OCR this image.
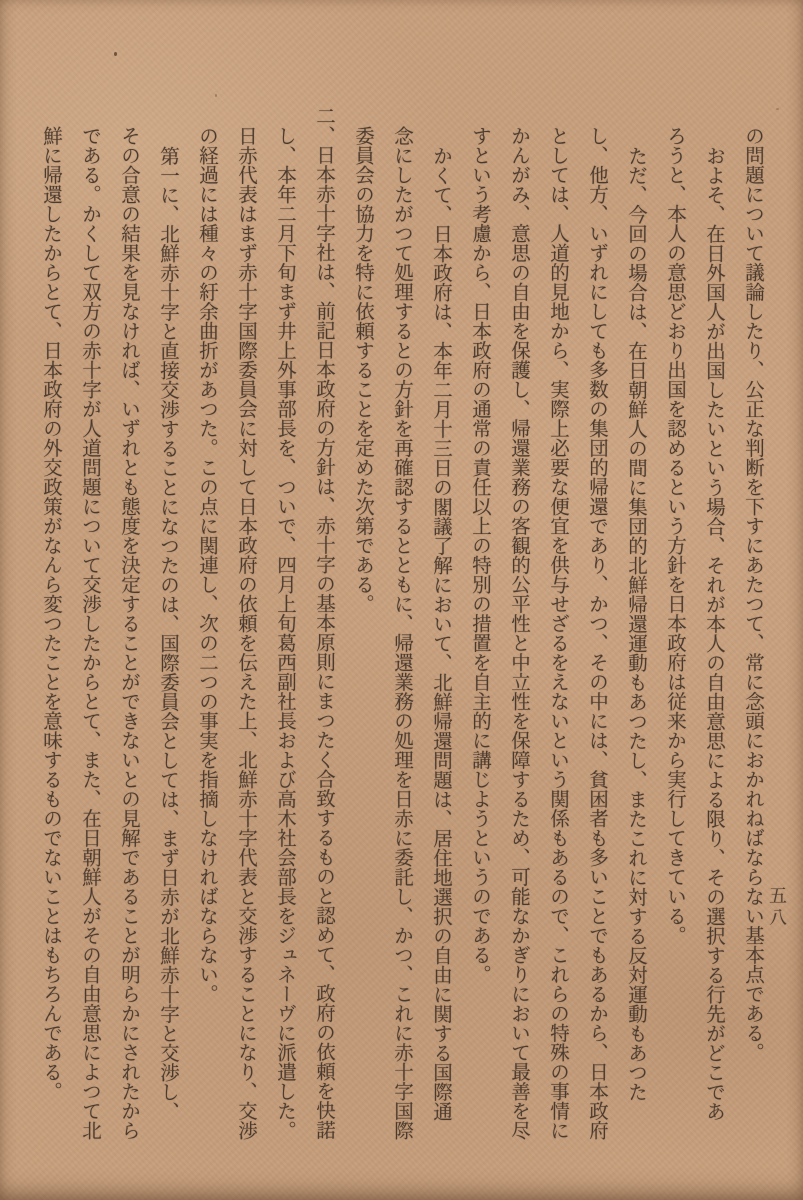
の問題について議論したり、公正な判断を下すにあたつて、常に念頭におかれねばならない基本点である。

およそ、在日外国人が出国したいという場合、それが本人の自由意思による限り、その選択する行先がどこであろうと、本人の意思どおり出国を認めるという方針を日本政府は従来から実行してきている。

ただ、今回の場合は、在日朝鮮人の間に集団的北鮮帰還運動もあつたし、またこれに対する反対運動もあつたし、他方、いずれにしても多数の集団的帰還であり、かつ、その中には、貧困者も多いことでもあるから、日本政府としては、人道的見地から、実際上必要な便宜を供与せざるをえないという関係もあるので、これらの特殊の事情にかんがみ、意思の自由を保護し、帰還業務の客観的公平性と中立性を保障するため、可能なかぎりにおいて最善を尽すという考慮から、日本政府の通常の責任以上の特別の措置を自主的に講じようというのである。

かくて、日本政府は、本年二月十三日の閣議了解において、北鮮帰還問題は、居住地選択の自由に関する国際通念にしたがつて処理するとの方針を再確認するとともに、帰還業務の処理を日赤に委託し、かつ、これに赤十字国際委員会の協力を特に依頼することを定めた次第である。

二、日本赤十字社は、前記日本政府の方針は、赤十字の基本原則にまつたく合致するものと認めて、政府の依頼を快諾し、本年二月下旬まず井上外事部長を、ついで、四月上旬葛西副社長および高木社会部長をジュネーヴに派遣した。日赤代表はまず赤十字国際委員会に対して日本政府の依頼を伝えた上、北鮮赤十字代表と交渉することになり、交渉の経過には種々の紆余曲折があつた。この点に関連し、次の二つの事実を指摘しなければならない。

第一に、北鮮赤十字と直接交渉することになつたのは、国際委員会としては、まず日赤が北鮮赤十字と交渉し、その合意の結果を見なければ、いずれとも態度を決定することができないとの見解であることが明らかにされたからである。かくして双方の赤十字が人道問題について交渉したからとて、また、在日朝鮮人がその自由意思によつて北鮮に帰還したからとて、日本政府の外交政策がなんら変つたことを意味するものでないことはもちろんである。	五八
